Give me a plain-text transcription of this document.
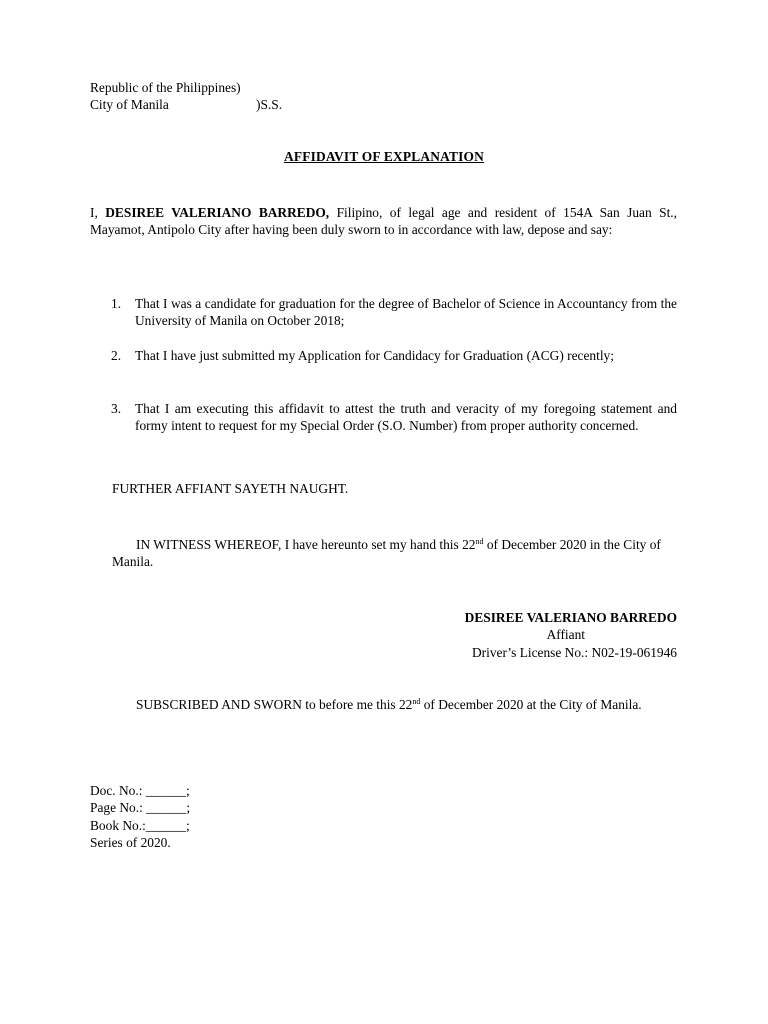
Republic of the Philippines)
City of Manila	)S.S.
AFFIDAVIT OF EXPLANATION
I, DESIREE VALERIANO BARREDO, Filipino, of legal age and resident of 154A San Juan St., Mayamot, Antipolo City after having been duly sworn to in accordance with law, depose and say:
1. That I was a candidate for graduation for the degree of Bachelor of Science in Accountancy from the University of Manila on October 2018;
2. That I have just submitted my Application for Candidacy for Graduation (ACG) recently;
3. That I am executing this affidavit to attest the truth and veracity of my foregoing statement and formy intent to request for my Special Order (S.O. Number) from proper authority concerned.
FURTHER AFFIANT SAYETH NAUGHT.
IN WITNESS WHEREOF, I have hereunto set my hand this 22nd of December 2020 in the City of Manila.
DESIREE VALERIANO BARREDO
Affiant
Driver’s License No.: N02-19-061946
SUBSCRIBED AND SWORN to before me this 22nd of December 2020 at the City of Manila.
Doc. No.: ______;
Page No.: ______;
Book No.:______;
Series of 2020.
